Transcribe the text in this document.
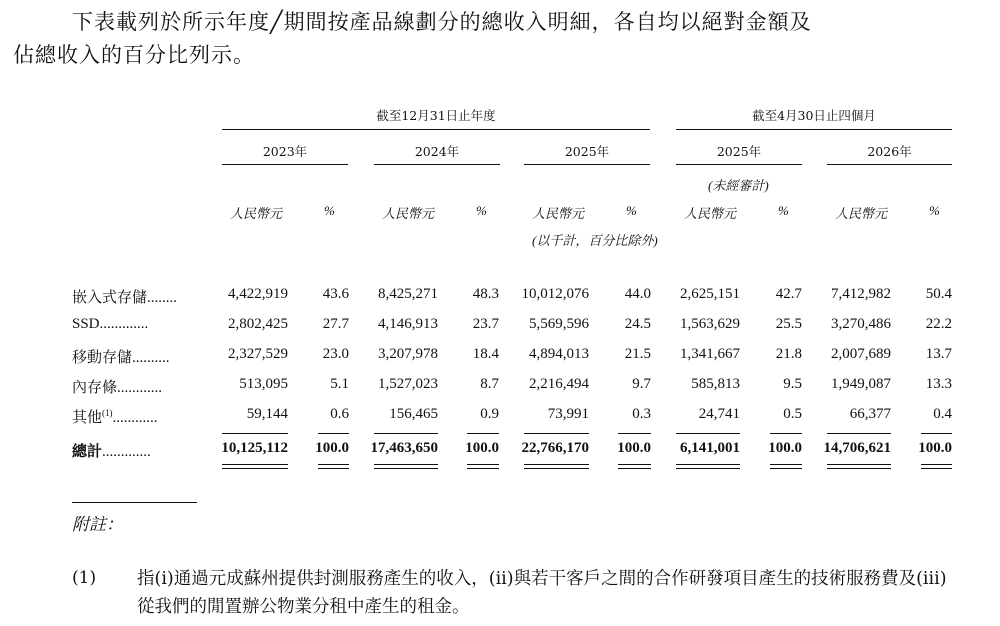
下表載列於所示年度╱期間按產品線劃分的總收入明細，各自均以絕對金額及
佔總收入的百分比列示。
截至12月31日止年度	截至4月30日止四個月
2023年
人民幣元	%
2024年
人民幣元	%
2025年
人民幣元	%
2025年
人民幣元	%
2026年
人民幣元	%
(未經審計)
(以千計，百分比除外)
嵌入式存儲........	4,422,919	43.6	8,425,271	48.3	10,012,076	44.0	2,625,151	42.7	7,412,982	50.4
SSD.............	2,802,425	27.7	4,146,913	23.7	5,569,596	24.5	1,563,629	25.5	3,270,486	22.2
移動存儲..........	2,327,529	23.0	3,207,978	18.4	4,894,013	21.5	1,341,667	21.8	2,007,689	13.7
內存條............	513,095	5.1	1,527,023	8.7	2,216,494	9.7	585,813	9.5	1,949,087	13.3
其他$^{(1)}$............	59,144	0.6	156,465	0.9	73,991	0.3	24,741	0.5	66,377	0.4
總計.............	10,125,112	100.0	17,463,650	100.0	22,766,170	100.0	6,141,001	100.0	14,706,621	100.0
附註：
(1) 指(i)通過元成蘇州提供封測服務產生的收入，(ii)與若干客戶之間的合作研發項目產生的技術服務費及(iii)從我們的閒置辦公物業分租中產生的租金。
